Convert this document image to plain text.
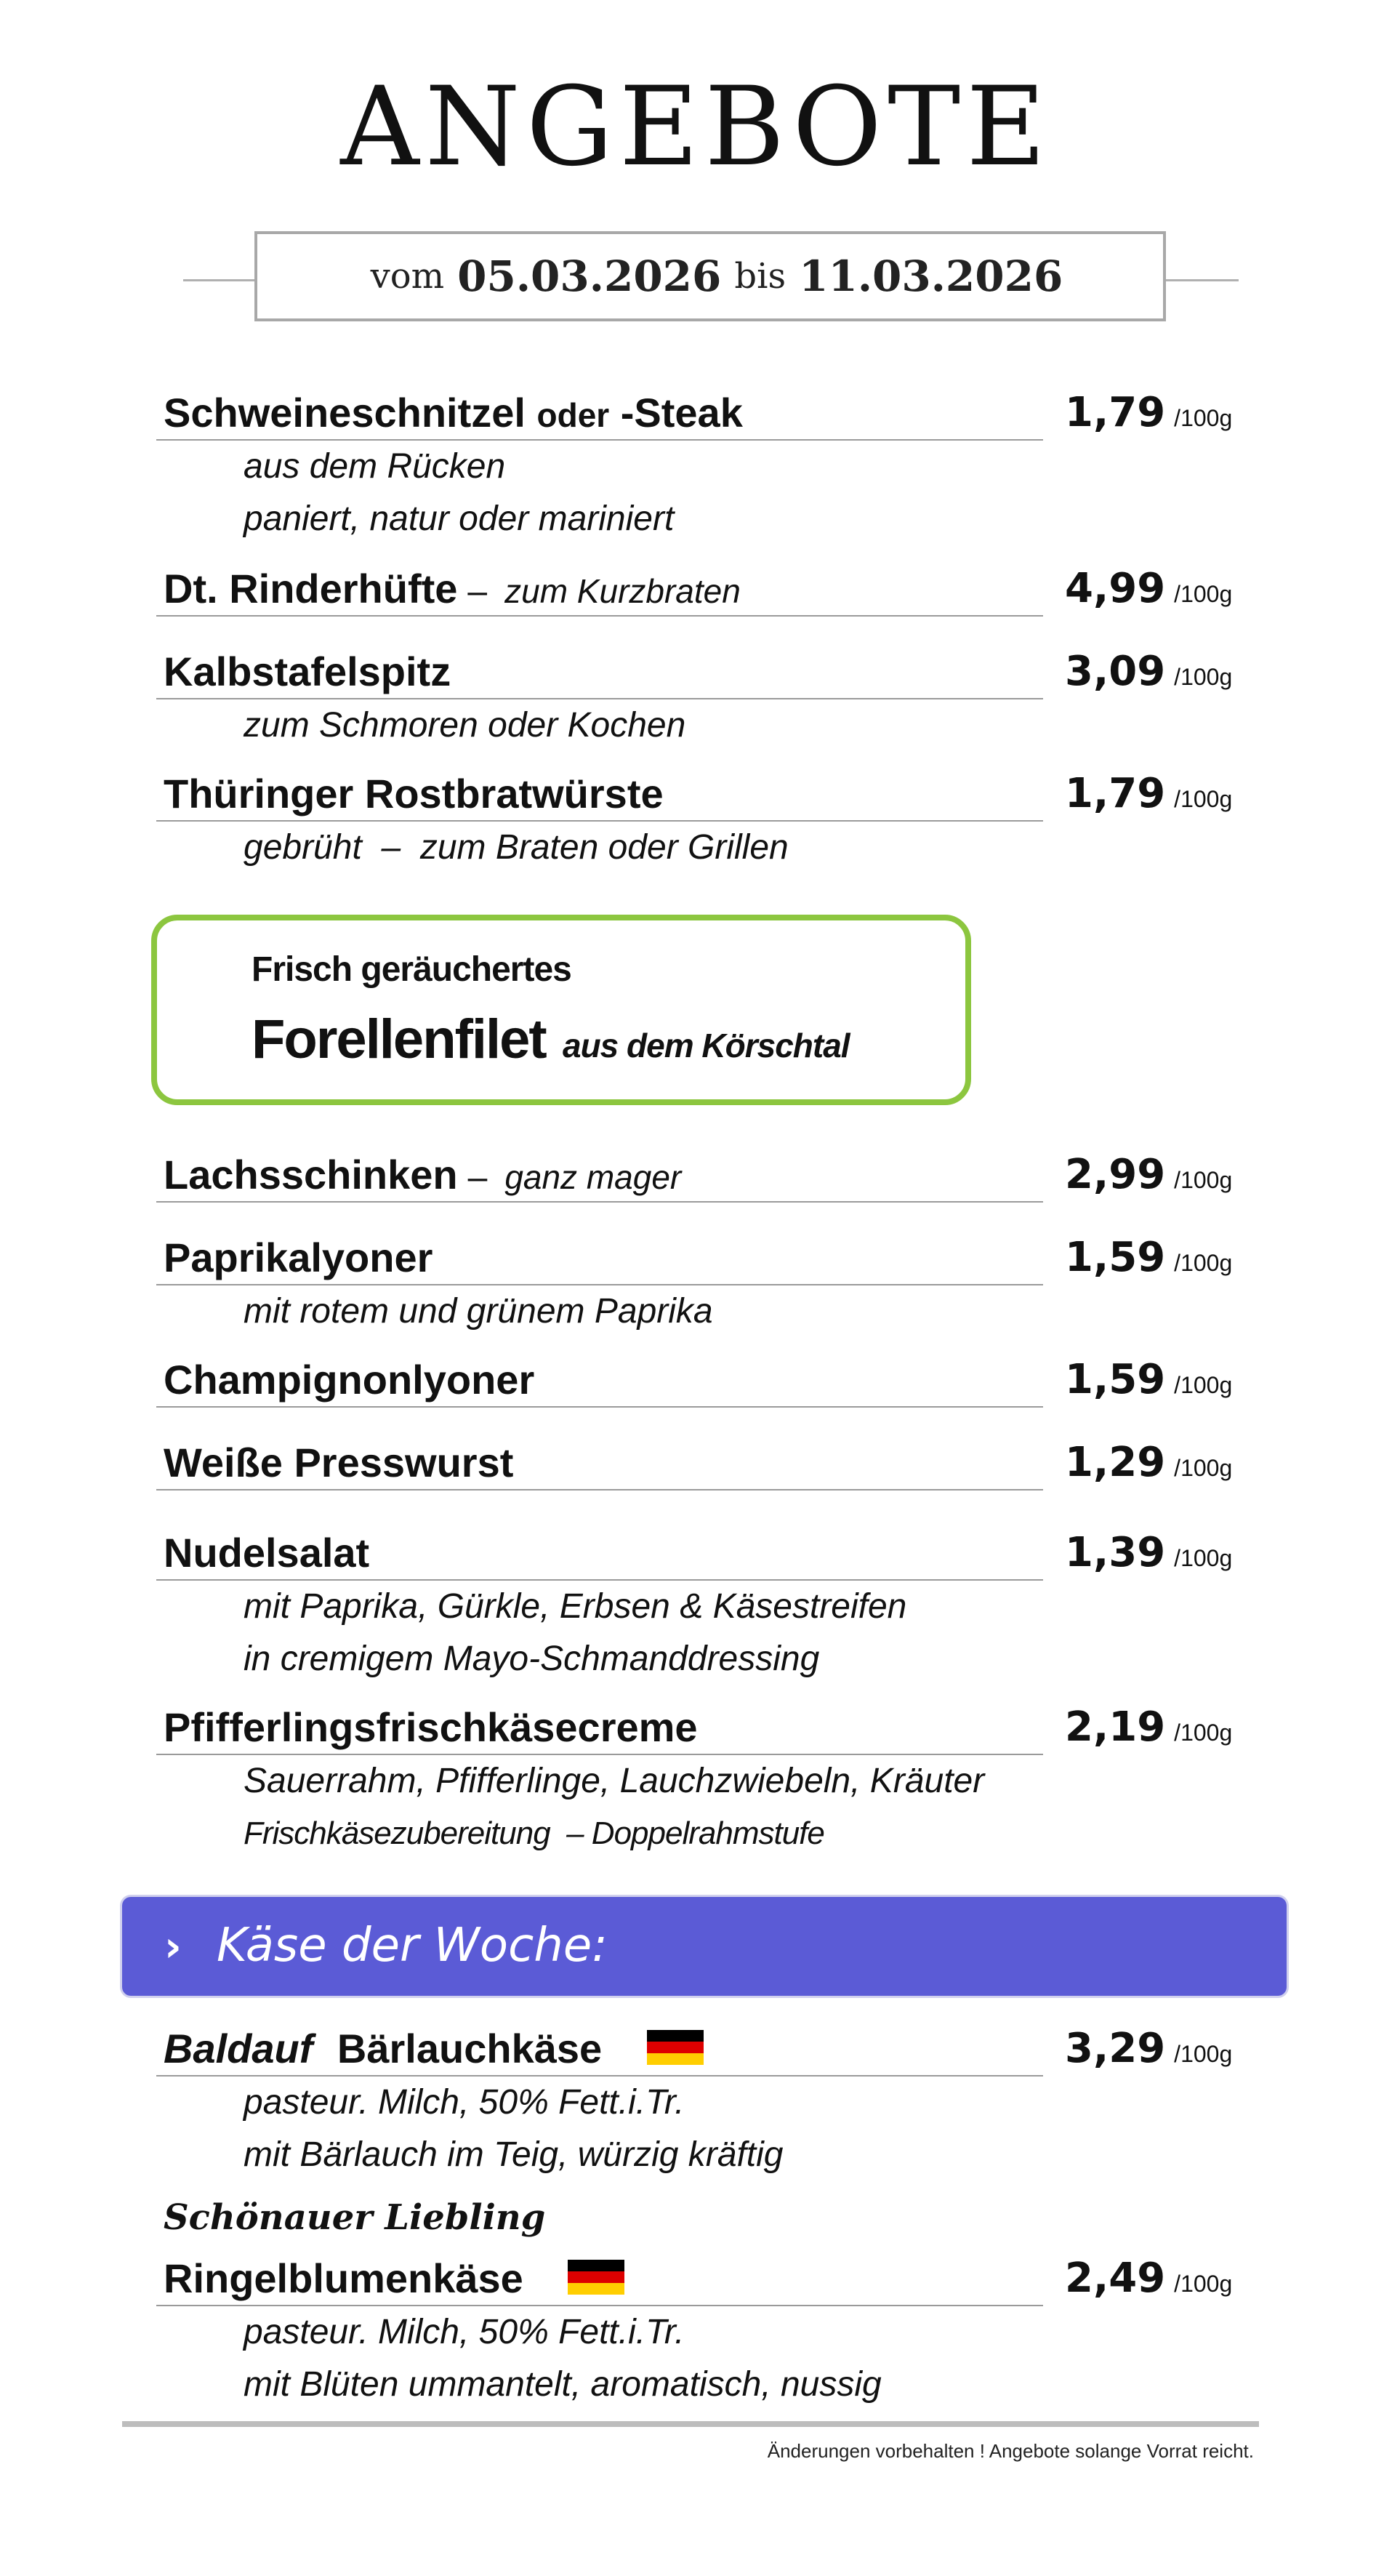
ANGEBOTE
vom 05.03.2026 bis 11.03.2026
Schweineschnitzel oder -Steak	1,79 /100g
aus dem Rücken
paniert, natur oder mariniert
Dt. Rinderhüfte – zum Kurzbraten	4,99 /100g
Kalbstafelspitz	3,09 /100g
zum Schmoren oder Kochen
Thüringer Rostbratwürste	1,79 /100g
gebrüht  –  zum Braten oder Grillen
Frisch geräuchertes
Forellenfilet aus dem Körschtal
Lachsschinken – ganz mager	2,99 /100g
Paprikalyoner	1,59 /100g
mit rotem und grünem Paprika
Champignonlyoner	1,59 /100g
Weiße Presswurst	1,29 /100g
Nudelsalat	1,39 /100g
mit Paprika, Gürkle, Erbsen & Käsestreifen
in cremigem Mayo-Schmanddressing
Pfifferlingsfrischkäsecreme	2,19 /100g
Sauerrahm, Pfifferlinge, Lauchzwiebeln, Kräuter
Frischkäsezubereitung  – Doppelrahmstufe
› Käse der Woche:
Baldauf Bärlauchkäse	3,29 /100g
pasteur. Milch, 50% Fett.i.Tr.
mit Bärlauch im Teig, würzig kräftig
Schönauer Liebling
Ringelblumenkäse	2,49 /100g
pasteur. Milch, 50% Fett.i.Tr.
mit Blüten ummantelt, aromatisch, nussig
Änderungen vorbehalten ! Angebote solange Vorrat reicht.
